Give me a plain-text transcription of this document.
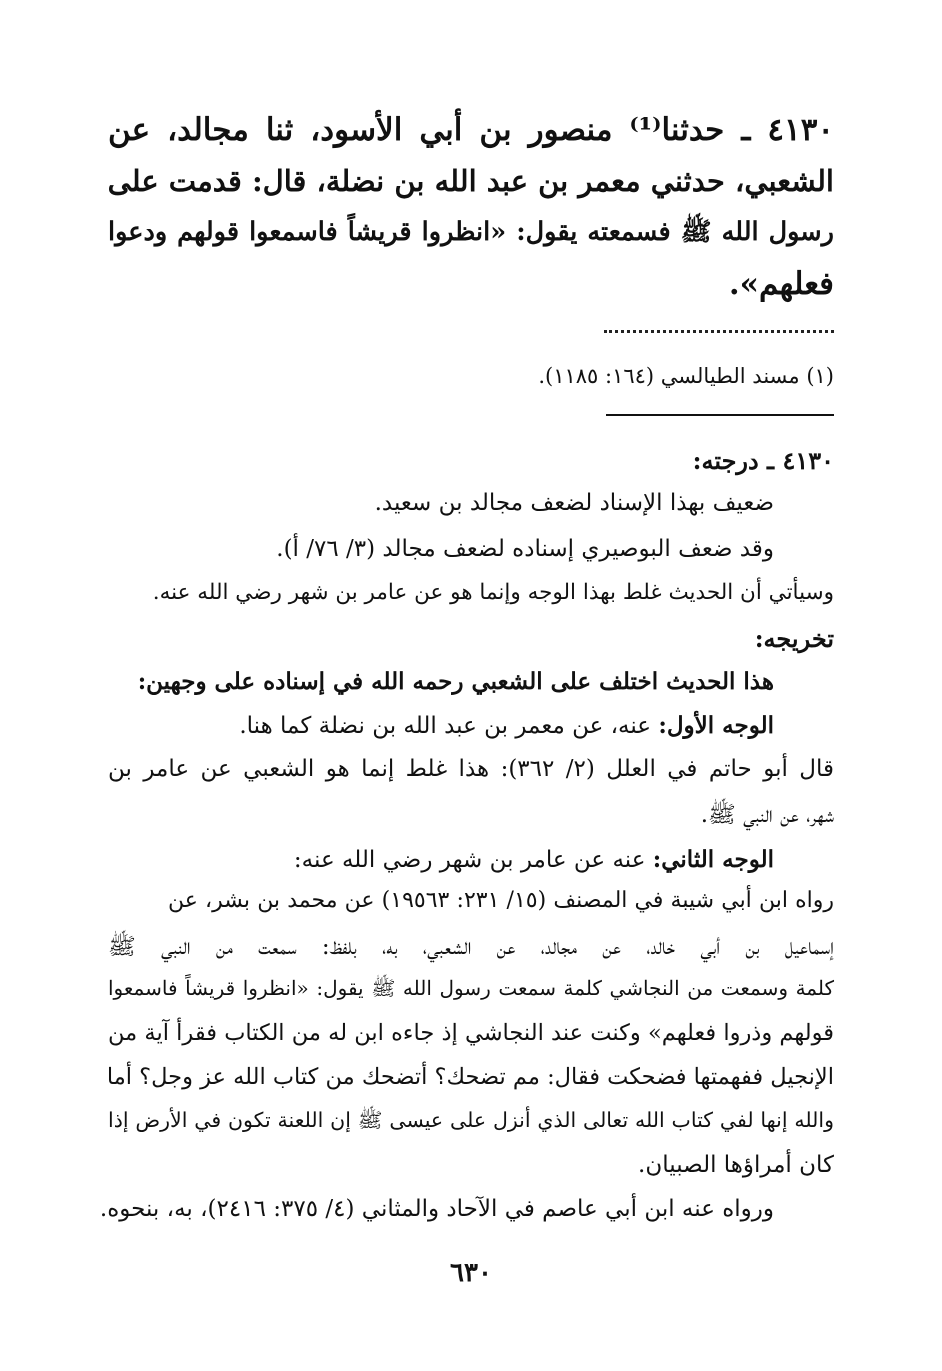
٤١٣٠ ـ حدثنا⁽¹⁾ منصور بن أبي الأسود، ثنا مجالد، عن
الشعبي، حدثني معمر بن عبد الله بن نضلة، قال: قدمت على
رسول الله ﷺ فسمعته يقول: «انظروا قريشاً فاسمعوا قولهم ودعوا
فعلهم».
(١) مسند الطيالسي (١٦٤: ١١٨٥).
٤١٣٠ ـ درجته:
ضعيف بهذا الإسناد لضعف مجالد بن سعيد.
وقد ضعف البوصيري إسناده لضعف مجالد (٣/ ٧٦/ أ).
وسيأتي أن الحديث غلط بهذا الوجه وإنما هو عن عامر بن شهر رضي الله عنه.
تخريجه:
هذا الحديث اختلف على الشعبي رحمه الله في إسناده على وجهين:
الوجه الأول: عنه، عن معمر بن عبد الله بن نضلة كما هنا.
قال أبو حاتم في العلل (٢/ ٣٦٢): هذا غلط إنما هو الشعبي عن عامر بن
شهر، عن النبي ﷺ.
الوجه الثاني: عنه عن عامر بن شهر رضي الله عنه:
رواه ابن أبي شيبة في المصنف (١٥/ ٢٣١: ١٩٥٦٣) عن محمد بن بشر، عن
إسماعيل بن أبي خالد، عن مجالد، عن الشعبي، به، بلفظ: سمعت من النبي ﷺ
كلمة وسمعت من النجاشي كلمة سمعت رسول الله ﷺ يقول: «انظروا قريشاً فاسمعوا
قولهم وذروا فعلهم» وكنت عند النجاشي إذ جاءه ابن له من الكتاب فقرأ آية من
الإنجيل ففهمتها فضحكت فقال: مم تضحك؟ أتضحك من كتاب الله عز وجل؟ أما
والله إنها لفي كتاب الله تعالى الذي أنزل على عيسى ﷺ إن اللعنة تكون في الأرض إذا
كان أمراؤها الصبيان.
ورواه عنه ابن أبي عاصم في الآحاد والمثاني (٤/ ٣٧٥: ٢٤١٦)، به، بنحوه.
٦٣٠
